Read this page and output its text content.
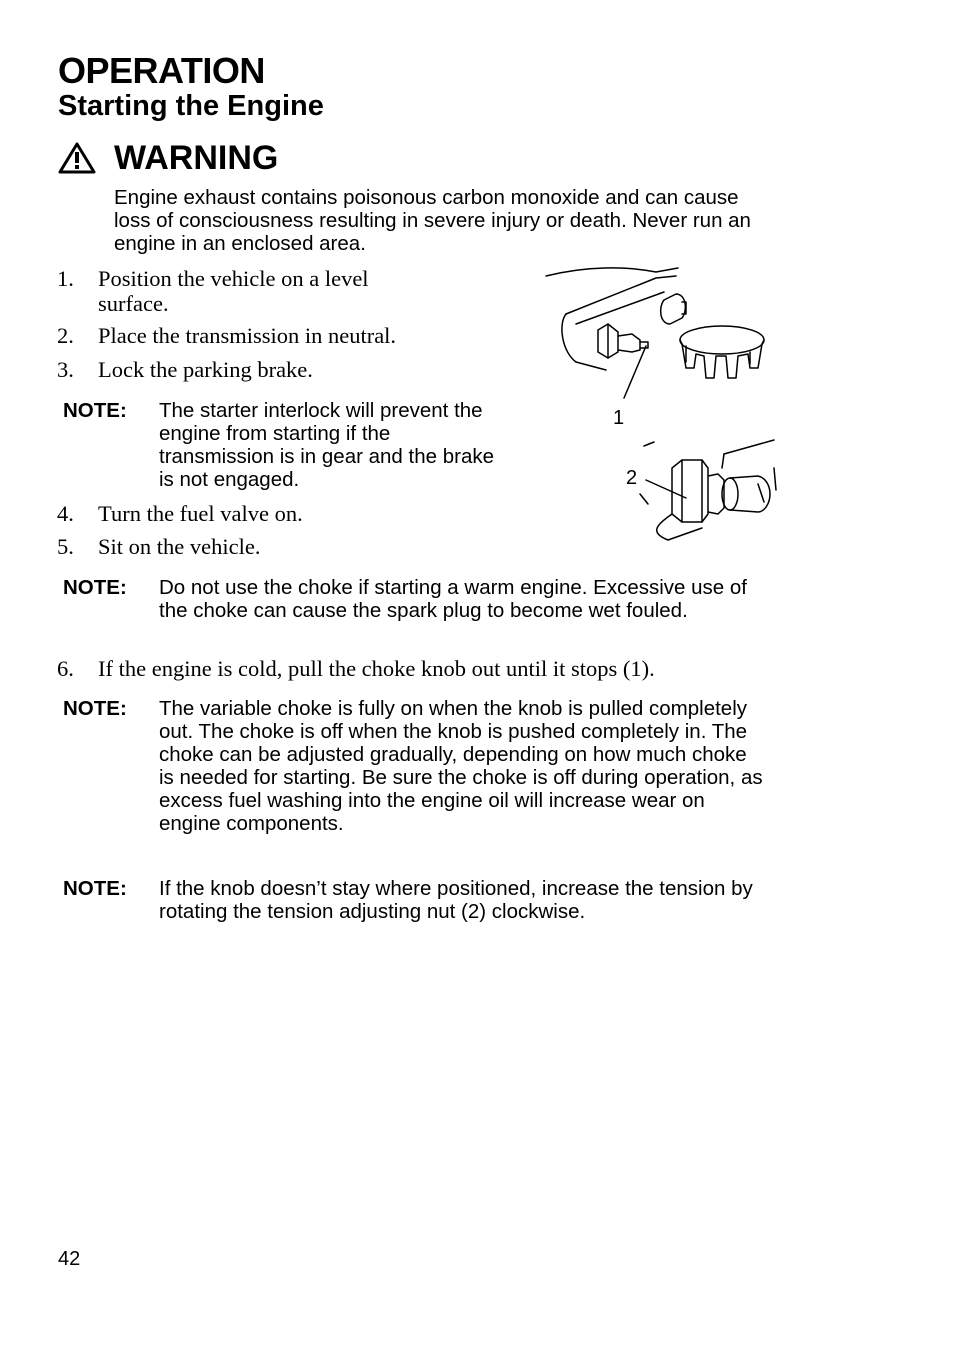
OPERATION
Starting the Engine
WARNING

Engine exhaust contains poisonous carbon monoxide and can cause loss of consciousness resulting in severe injury or death. Never run an engine in an enclosed area.

1. Position the vehicle on a level surface.
2. Place the transmission in neutral.
3. Lock the parking brake.
NOTE: The starter interlock will prevent the engine from starting if the transmission is in gear and the brake is not engaged.
4. Turn the fuel valve on.
5. Sit on the vehicle.
NOTE: Do not use the choke if starting a warm engine. Excessive use of the choke can cause the spark plug to become wet fouled.
6. If the engine is cold, pull the choke knob out until it stops (1).
NOTE: The variable choke is fully on when the knob is pulled completely out. The choke is off when the knob is pushed completely in. The choke can be adjusted gradually, depending on how much choke is needed for starting. Be sure the choke is off during operation, as excess fuel washing into the engine oil will increase wear on engine components.
NOTE: If the knob doesn’t stay where positioned, increase the tension by rotating the tension adjusting nut (2) clockwise.
1
2
42
